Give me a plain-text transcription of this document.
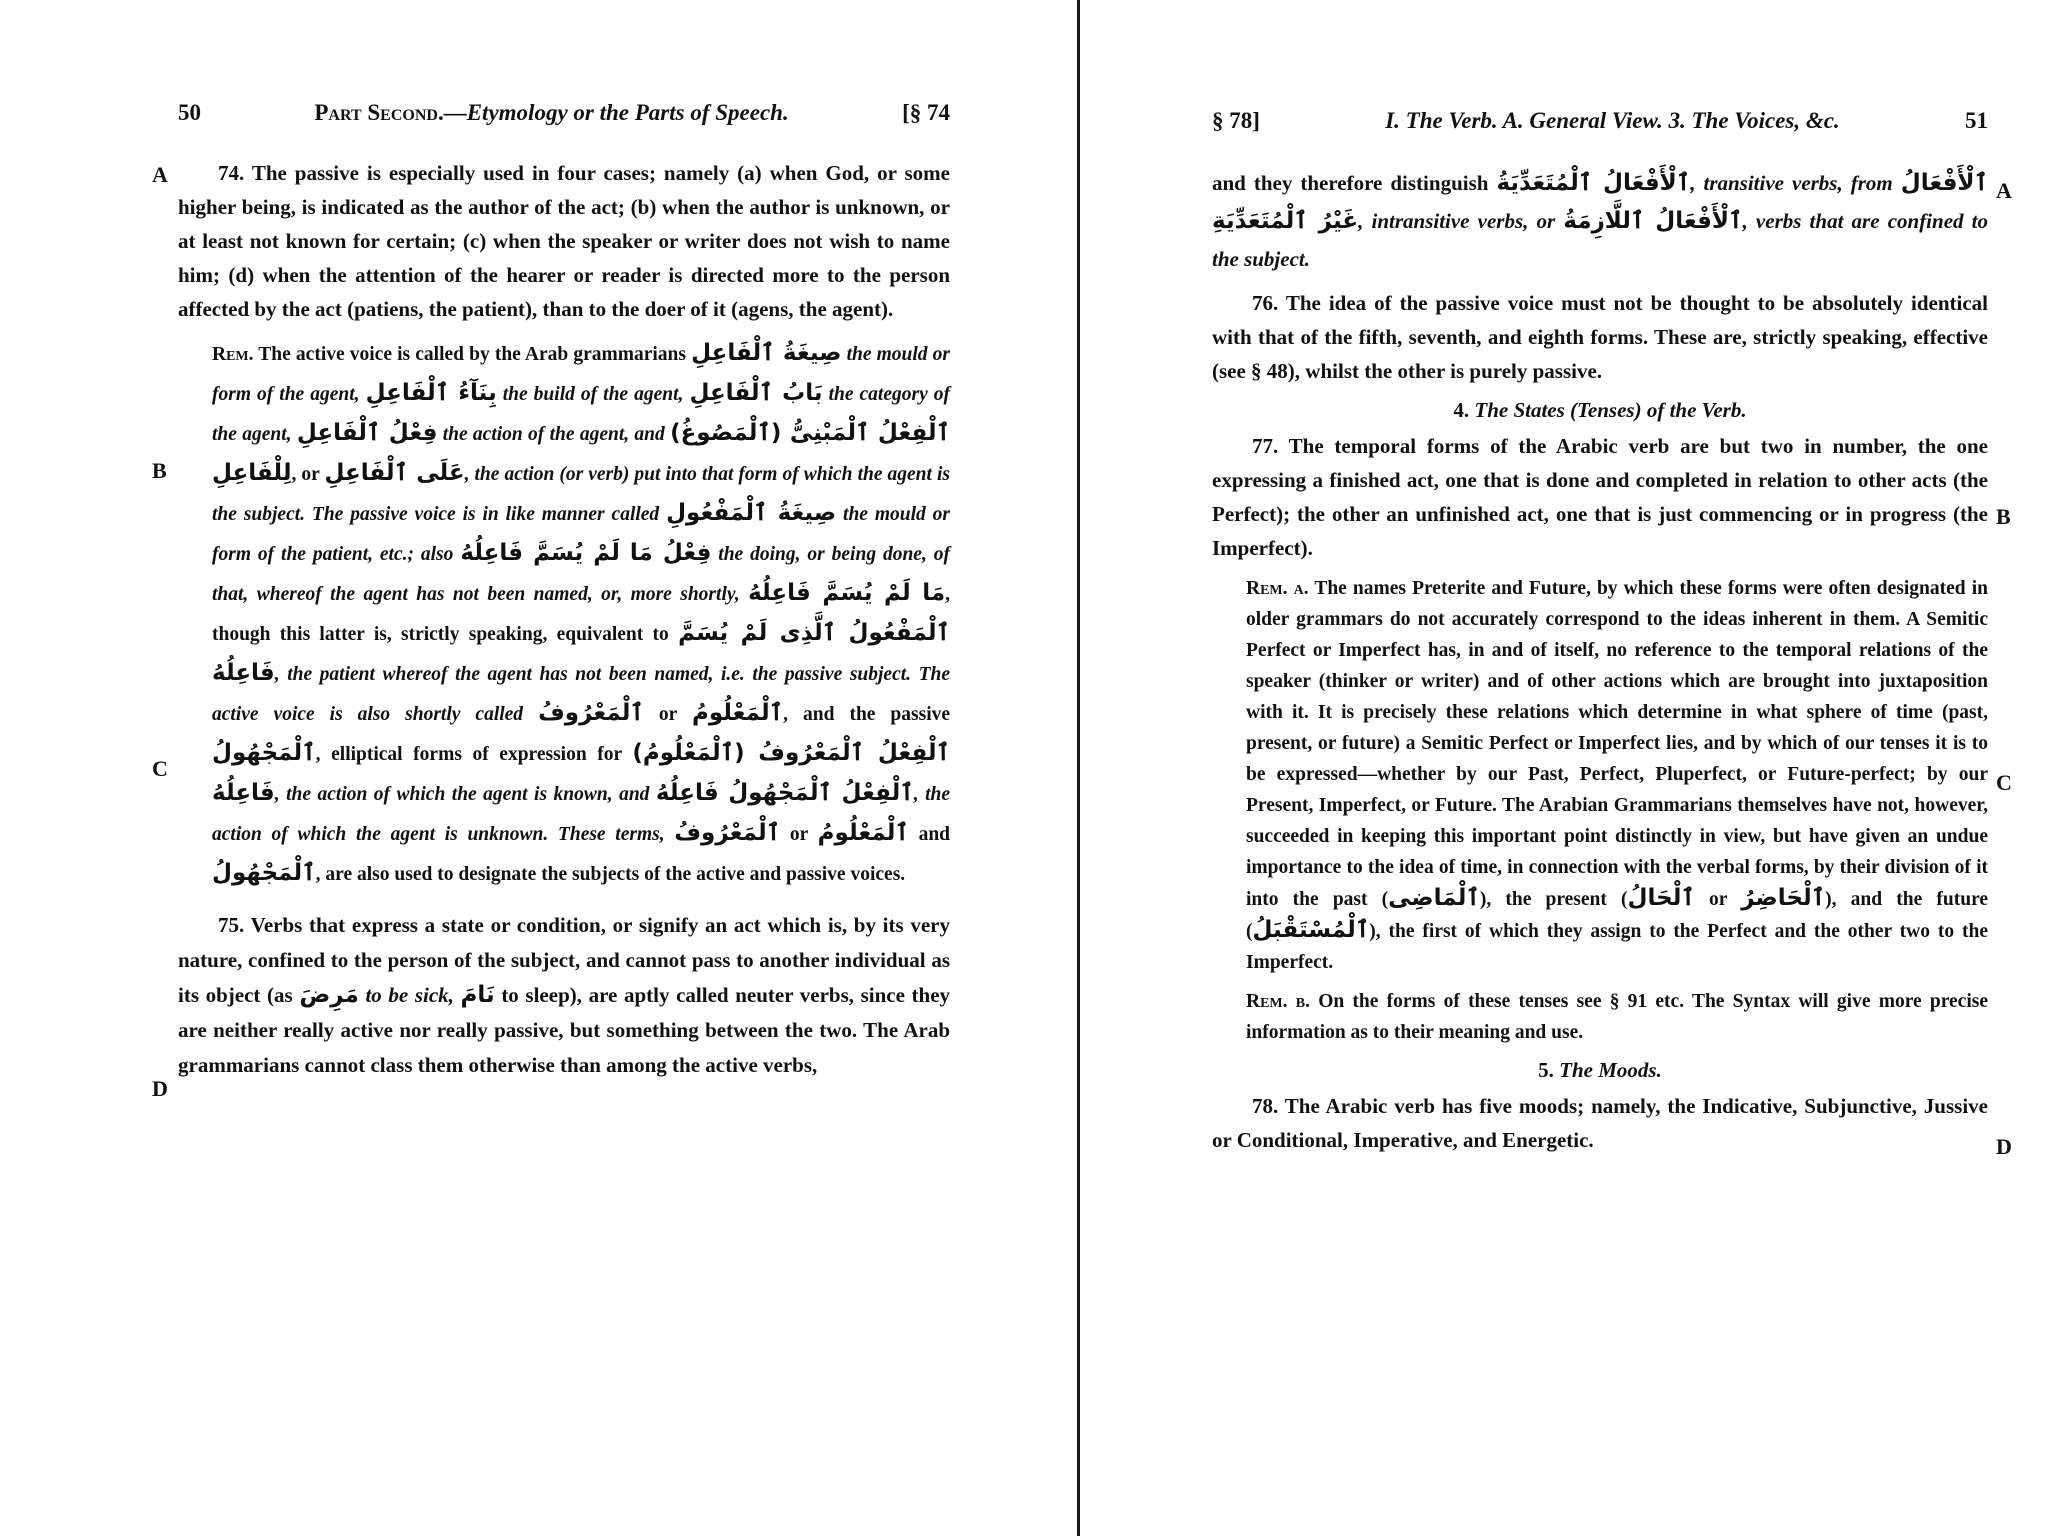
50	Part Second.—Etymology or the Parts of Speech.	[§ 74

74. The passive is especially used in four cases; namely (a) when God, or some higher being, is indicated as the author of the act; (b) when the author is unknown, or at least not known for certain; (c) when the speaker or writer does not wish to name him; (d) when the attention of the hearer or reader is directed more to the person affected by the act (patiens, the patient), than to the doer of it (agens, the agent).

Rem. The active voice is called by the Arab grammarians صِيغَةُ ٱلْفَاعِلِ the mould or form of the agent, بِنَآءُ ٱلْفَاعِلِ the build of the agent, بَابُ ٱلْفَاعِلِ the category of the agent, فِعْلُ ٱلْفَاعِلِ the action of the agent, and ٱلْفِعْلُ ٱلْمَبْنِىُّ (ٱلْمَصُوغُ) لِلْفَاعِلِ, or عَلَى ٱلْفَاعِلِ, the action (or verb) put into that form of which the agent is the subject. The passive voice is in like manner called صِيغَةُ ٱلْمَفْعُولِ the mould or form of the patient, etc.; also فِعْلُ مَا لَمْ يُسَمَّ فَاعِلُهُ the doing, or being done, of that, whereof the agent has not been named, or, more shortly, مَا لَمْ يُسَمَّ فَاعِلُهُ, though this latter is, strictly speaking, equivalent to ٱلْمَفْعُولُ ٱلَّذِى لَمْ يُسَمَّ فَاعِلُهُ, the patient whereof the agent has not been named, i.e. the passive subject. The active voice is also shortly called ٱلْمَعْرُوفُ or ٱلْمَعْلُومُ, and the passive ٱلْمَجْهُولُ, elliptical forms of expression for ٱلْفِعْلُ ٱلْمَعْرُوفُ (ٱلْمَعْلُومُ) فَاعِلُهُ, the action of which the agent is known, and ٱلْفِعْلُ ٱلْمَجْهُولُ فَاعِلُهُ, the action of which the agent is unknown. These terms, ٱلْمَعْرُوفُ or ٱلْمَعْلُومُ and ٱلْمَجْهُولُ, are also used to designate the subjects of the active and passive voices.

75. Verbs that express a state or condition, or signify an act which is, by its very nature, confined to the person of the subject, and cannot pass to another individual as its object (as مَرِضَ to be sick, نَامَ to sleep), are aptly called neuter verbs, since they are neither really active nor really passive, but something between the two. The Arab grammarians cannot class them otherwise than among the active verbs,

A
B
C
D
§ 78]	I. The Verb. A. General View. 3. The Voices, &c.	51

and they therefore distinguish ٱلْأَفْعَالُ ٱلْمُتَعَدِّيَةُ, transitive verbs, from ٱلْأَفْعَالُ غَيْرُ ٱلْمُتَعَدِّيَةِ, intransitive verbs, or ٱلْأَفْعَالُ ٱللَّازِمَةُ, verbs that are confined to the subject.

76. The idea of the passive voice must not be thought to be absolutely identical with that of the fifth, seventh, and eighth forms. These are, strictly speaking, effective (see § 48), whilst the other is purely passive.

4. The States (Tenses) of the Verb.

77. The temporal forms of the Arabic verb are but two in number, the one expressing a finished act, one that is done and completed in relation to other acts (the Perfect); the other an unfinished act, one that is just commencing or in progress (the Imperfect).

Rem. a. The names Preterite and Future, by which these forms were often designated in older grammars do not accurately correspond to the ideas inherent in them. A Semitic Perfect or Imperfect has, in and of itself, no reference to the temporal relations of the speaker (thinker or writer) and of other actions which are brought into juxtaposition with it. It is precisely these relations which determine in what sphere of time (past, present, or future) a Semitic Perfect or Imperfect lies, and by which of our tenses it is to be expressed—whether by our Past, Perfect, Pluperfect, or Future-perfect; by our Present, Imperfect, or Future. The Arabian Grammarians themselves have not, however, succeeded in keeping this important point distinctly in view, but have given an undue importance to the idea of time, in connection with the verbal forms, by their division of it into the past (ٱلْمَاضِى), the present (ٱلْحَالُ or ٱلْحَاضِرُ), and the future (ٱلْمُسْتَقْبَلُ), the first of which they assign to the Perfect and the other two to the Imperfect.

Rem. b. On the forms of these tenses see § 91 etc. The Syntax will give more precise information as to their meaning and use.

5. The Moods.

78. The Arabic verb has five moods; namely, the Indicative, Subjunctive, Jussive or Conditional, Imperative, and Energetic.

A
B
C
D
